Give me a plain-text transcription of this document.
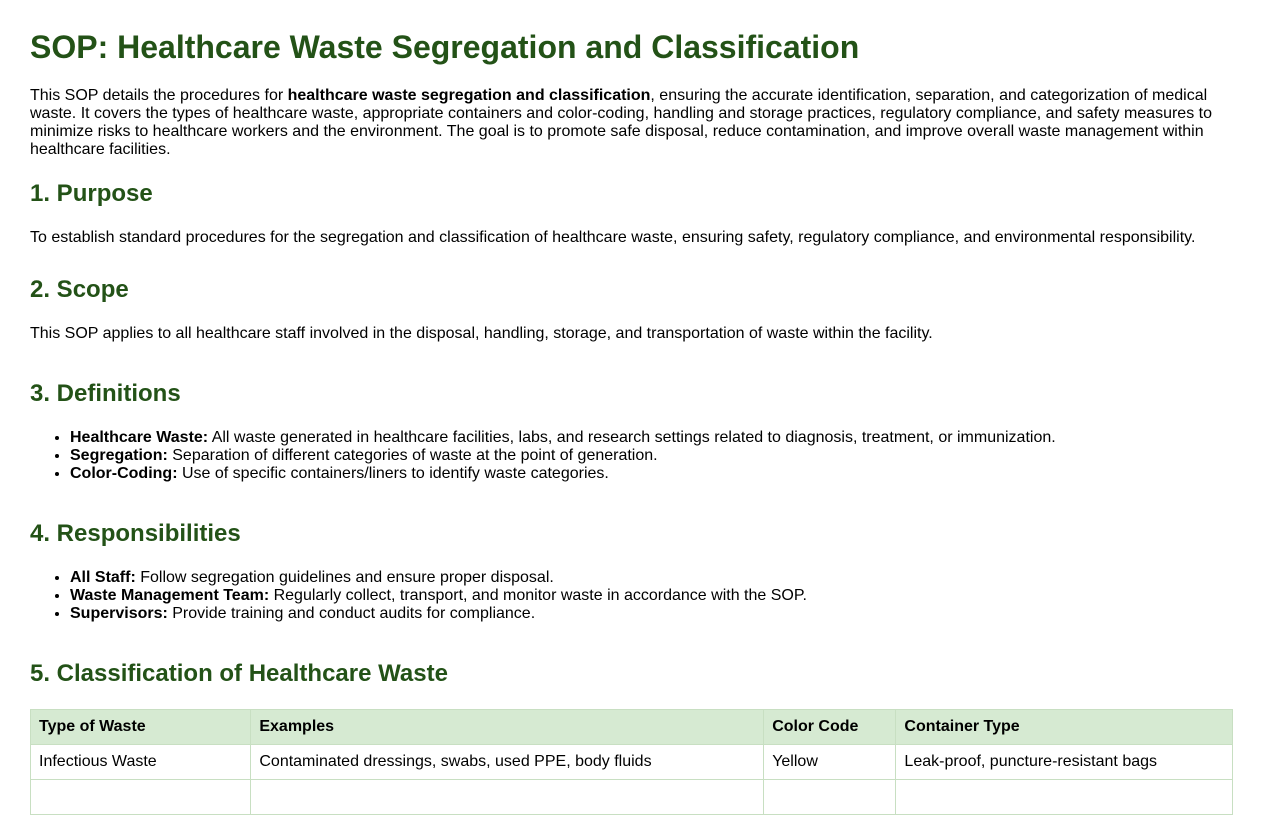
SOP: Healthcare Waste Segregation and Classification

This SOP details the procedures for healthcare waste segregation and classification, ensuring the accurate identification, separation, and categorization of medical waste. It covers the types of healthcare waste, appropriate containers and color-coding, handling and storage practices, regulatory compliance, and safety measures to minimize risks to healthcare workers and the environment. The goal is to promote safe disposal, reduce contamination, and improve overall waste management within healthcare facilities.

1. Purpose

To establish standard procedures for the segregation and classification of healthcare waste, ensuring safety, regulatory compliance, and environmental responsibility.

2. Scope

This SOP applies to all healthcare staff involved in the disposal, handling, storage, and transportation of waste within the facility.

3. Definitions
• Healthcare Waste: All waste generated in healthcare facilities, labs, and research settings related to diagnosis, treatment, or immunization.
• Segregation: Separation of different categories of waste at the point of generation.
• Color-Coding: Use of specific containers/liners to identify waste categories.
4. Responsibilities
• All Staff: Follow segregation guidelines and ensure proper disposal.
• Waste Management Team: Regularly collect, transport, and monitor waste in accordance with the SOP.
• Supervisors: Provide training and conduct audits for compliance.
5. Classification of Healthcare Waste
Type of Waste	Examples	Color Code	Container Type
Infectious Waste	Contaminated dressings, swabs, used PPE, body fluids	Yellow	Leak-proof, puncture-resistant bags
